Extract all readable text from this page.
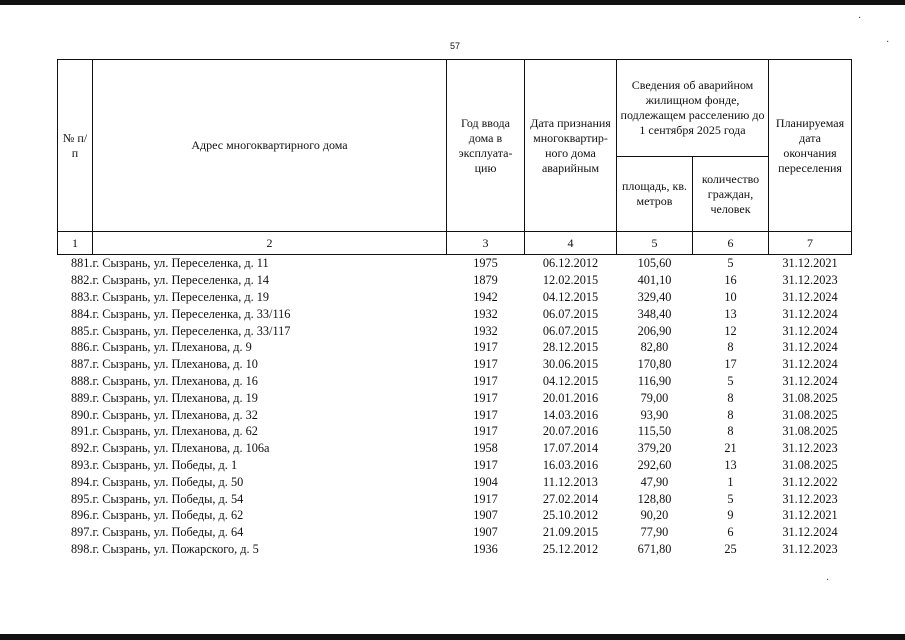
·
·
·
57
№ п/п	Адрес многоквартирного дома	Год ввода дома в эксплуата-цию	Дата признания многоквартир-ного дома аварийным	Сведения об аварийном жилищном фонде, подлежащем расселению до 1 сентября 2025 года		Планируемая дата окончания переселения
				площадь, кв. метров	количество граждан, человек	
1	2	3	4	5	6	7
881.	г. Сызрань, ул. Переселенка, д. 11	1975	06.12.2012	105,60	5	31.12.2021
882.	г. Сызрань, ул. Переселенка, д. 14	1879	12.02.2015	401,10	16	31.12.2023
883.	г. Сызрань, ул. Переселенка, д. 19	1942	04.12.2015	329,40	10	31.12.2024
884.	г. Сызрань, ул. Переселенка, д. 33/116	1932	06.07.2015	348,40	13	31.12.2024
885.	г. Сызрань, ул. Переселенка, д. 33/117	1932	06.07.2015	206,90	12	31.12.2024
886.	г. Сызрань, ул. Плеханова, д. 9	1917	28.12.2015	82,80	8	31.12.2024
887.	г. Сызрань, ул. Плеханова, д. 10	1917	30.06.2015	170,80	17	31.12.2024
888.	г. Сызрань, ул. Плеханова, д. 16	1917	04.12.2015	116,90	5	31.12.2024
889.	г. Сызрань, ул. Плеханова, д. 19	1917	20.01.2016	79,00	8	31.08.2025
890.	г. Сызрань, ул. Плеханова, д. 32	1917	14.03.2016	93,90	8	31.08.2025
891.	г. Сызрань, ул. Плеханова, д. 62	1917	20.07.2016	115,50	8	31.08.2025
892.	г. Сызрань, ул. Плеханова, д. 106а	1958	17.07.2014	379,20	21	31.12.2023
893.	г. Сызрань, ул. Победы, д. 1	1917	16.03.2016	292,60	13	31.08.2025
894.	г. Сызрань, ул. Победы, д. 50	1904	11.12.2013	47,90	1	31.12.2022
895.	г. Сызрань, ул. Победы, д. 54	1917	27.02.2014	128,80	5	31.12.2023
896.	г. Сызрань, ул. Победы, д. 62	1907	25.10.2012	90,20	9	31.12.2021
897.	г. Сызрань, ул. Победы, д. 64	1907	21.09.2015	77,90	6	31.12.2024
898.	г. Сызрань, ул. Пожарского, д. 5	1936	25.12.2012	671,80	25	31.12.2023
